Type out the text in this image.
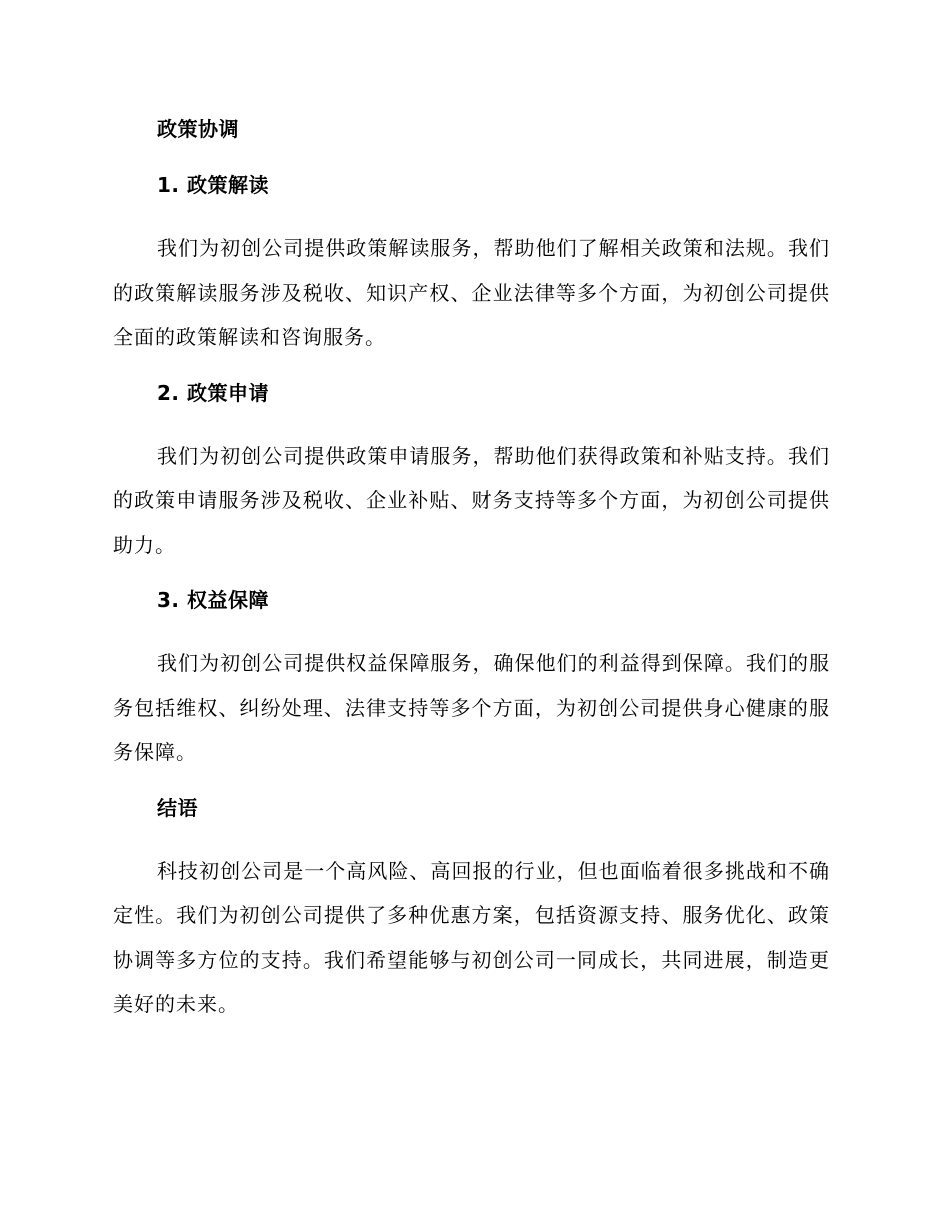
政策协调
1. 政策解读

我们为初创公司提供政策解读服务，帮助他们了解相关政策和法规。我们的政策解读服务涉及税收、知识产权、企业法律等多个方面，为初创公司提供全面的政策解读和咨询服务。

2. 政策申请

我们为初创公司提供政策申请服务，帮助他们获得政策和补贴支持。我们的政策申请服务涉及税收、企业补贴、财务支持等多个方面，为初创公司提供助力。

3. 权益保障

我们为初创公司提供权益保障服务，确保他们的利益得到保障。我们的服务包括维权、纠纷处理、法律支持等多个方面，为初创公司提供身心健康的服务保障。

结语

科技初创公司是一个高风险、高回报的行业，但也面临着很多挑战和不确定性。我们为初创公司提供了多种优惠方案，包括资源支持、服务优化、政策协调等多方位的支持。我们希望能够与初创公司一同成长，共同进展，制造更美好的未来。
